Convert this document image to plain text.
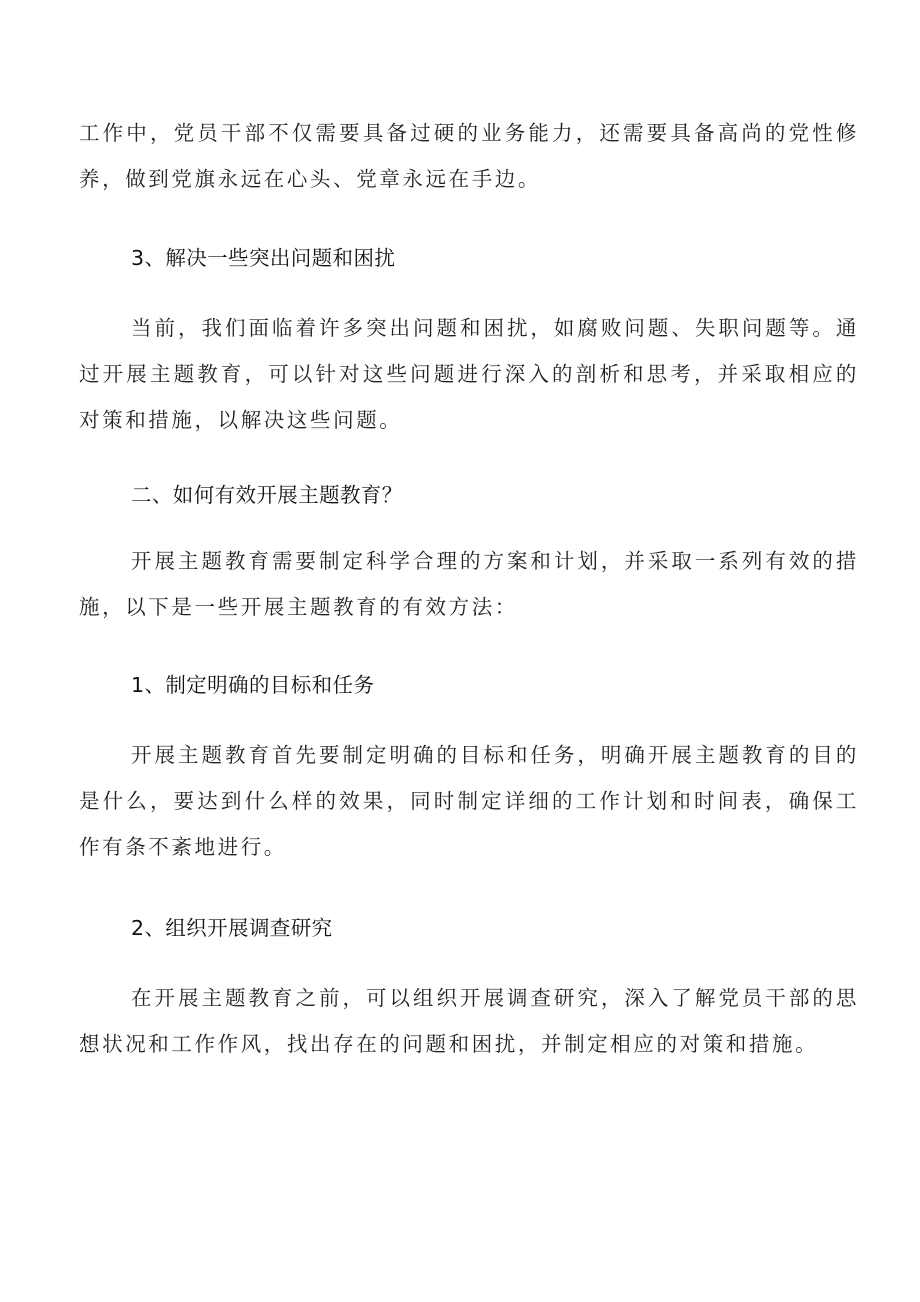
工作中，党员干部不仅需要具备过硬的业务能力，还需要具备高尚的党性修养，做到党旗永远在心头、党章永远在手边。

3、解决一些突出问题和困扰

当前，我们面临着许多突出问题和困扰，如腐败问题、失职问题等。通过开展主题教育，可以针对这些问题进行深入的剖析和思考，并采取相应的对策和措施，以解决这些问题。

二、如何有效开展主题教育？

开展主题教育需要制定科学合理的方案和计划，并采取一系列有效的措施，以下是一些开展主题教育的有效方法：

1、制定明确的目标和任务

开展主题教育首先要制定明确的目标和任务，明确开展主题教育的目的是什么，要达到什么样的效果，同时制定详细的工作计划和时间表，确保工作有条不紊地进行。

2、组织开展调查研究

在开展主题教育之前，可以组织开展调查研究，深入了解党员干部的思想状况和工作作风，找出存在的问题和困扰，并制定相应的对策和措施。
